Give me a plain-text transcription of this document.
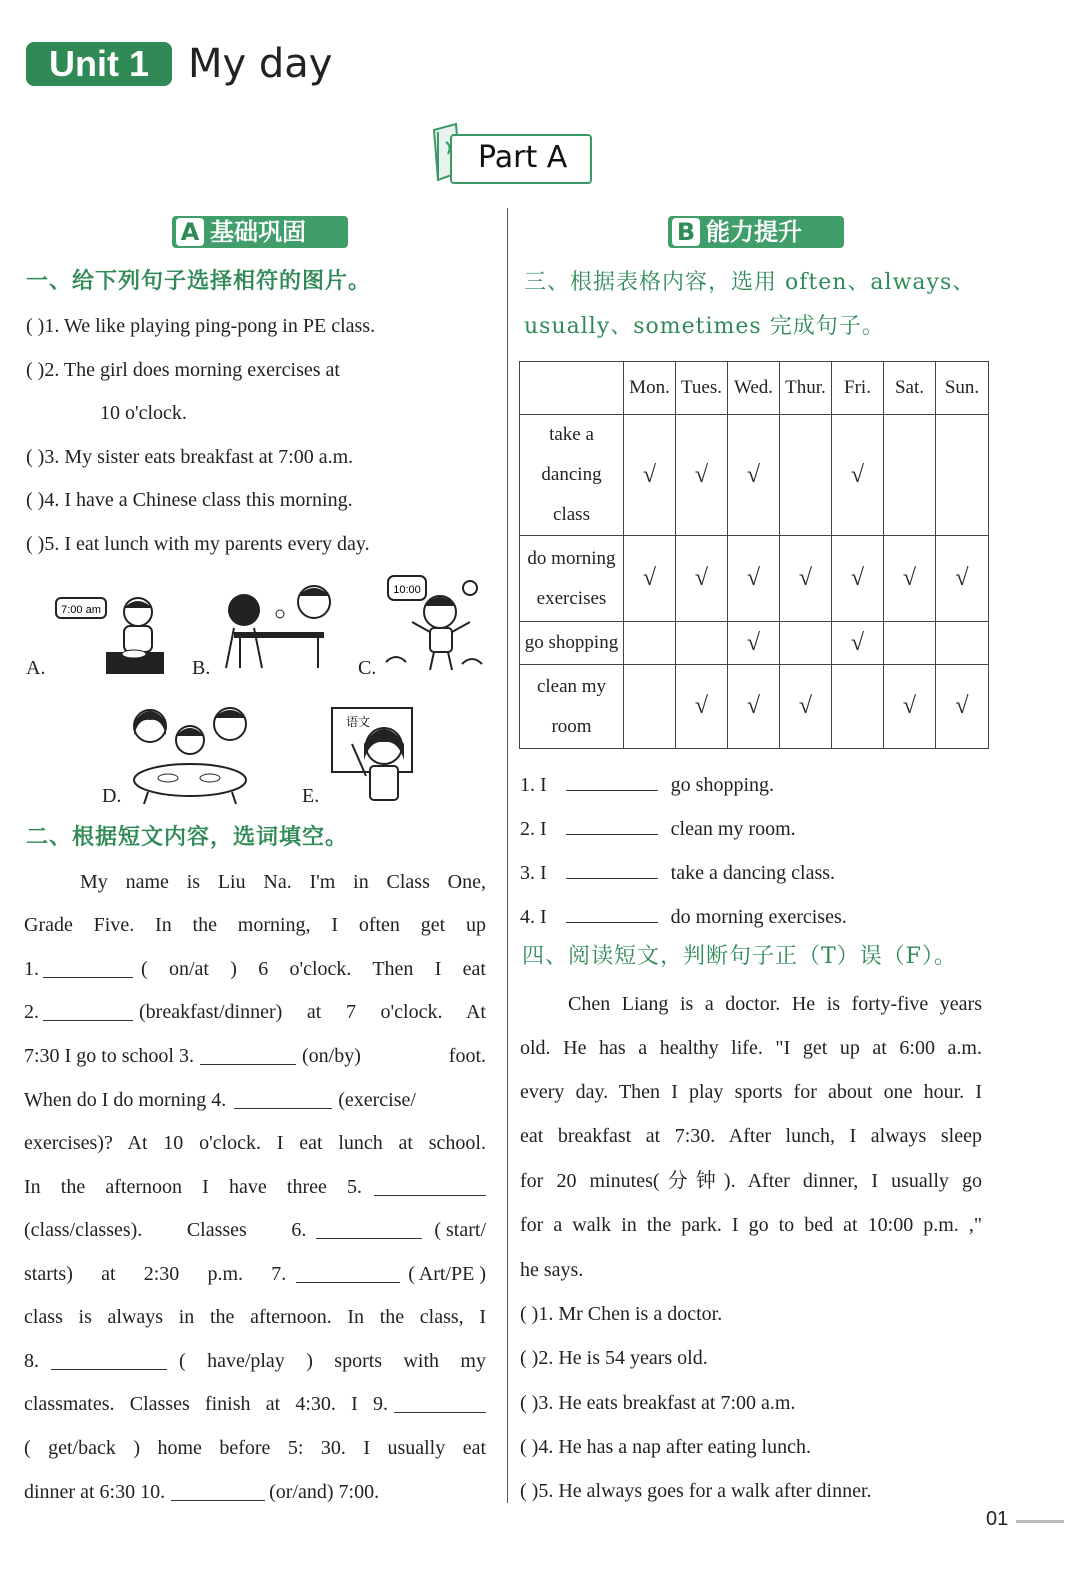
Unit 1 My day
Part A
A 基础巩固	B 能力提升
一、给下列句子选择相符的图片。
( )1. We like playing ping-pong in PE class.
( )2. The girl does morning exercises at
10 o'clock.
( )3. My sister eats breakfast at 7:00 a.m.
( )4. I have a Chinese class this morning.
( )5. I eat lunch with my parents every day.
A.
7:00 am
B.	C.
10:00
D.	E.
语文
二、根据短文内容，选词填空。
My name is Liu Na. I'm in Class One,
Grade Five. In the morning, I often get up
1.	( on/at ) 6 o'clock. Then I eat
2.	(breakfast/dinner) at 7 o'clock. At
7:30 I go to school 3.	(on/by) foot.
When do I do morning 4.	(exercise/
exercises)? At 10 o'clock. I eat lunch at school.
In the afternoon I have three 5.
(class/classes). Classes 6.	( start/
starts) at 2:30 p.m. 7.	( Art/PE )
class is always in the afternoon. In the class, I
8.	( have/play ) sports with my
classmates. Classes finish at 4:30. I 9.
( get/back ) home before 5: 30. I usually eat
dinner at 6:30 10.	(or/and) 7:00.
三、根据表格内容，选用 often、always、
usually、sometimes 完成句子。
	Mon.	Tues.	Wed.	Thur.	Fri.	Sat.	Sun.

take a
dancing
class	√	√	√		√		

do morning
exercises	√	√	√	√	√	√	√

go shopping			√		√		

clean my
room		√	√	√		√	√
1. I	go shopping.
2. I	clean my room.
3. I	take a dancing class.
4. I	do morning exercises.
四、阅读短文，判断句子正（T）误（F）。
Chen Liang is a doctor. He is forty-five years
old. He has a healthy life. "I get up at 6:00 a.m.
every day. Then I play sports for about one hour. I
eat breakfast at 7:30. After lunch, I always sleep
for 20 minutes(分钟). After dinner, I usually go
for a walk in the park. I go to bed at 10:00 p.m. ,"
he says.
( )1. Mr Chen is a doctor.
( )2. He is 54 years old.
( )3. He eats breakfast at 7:00 a.m.
( )4. He has a nap after eating lunch.
( )5. He always goes for a walk after dinner.
01
